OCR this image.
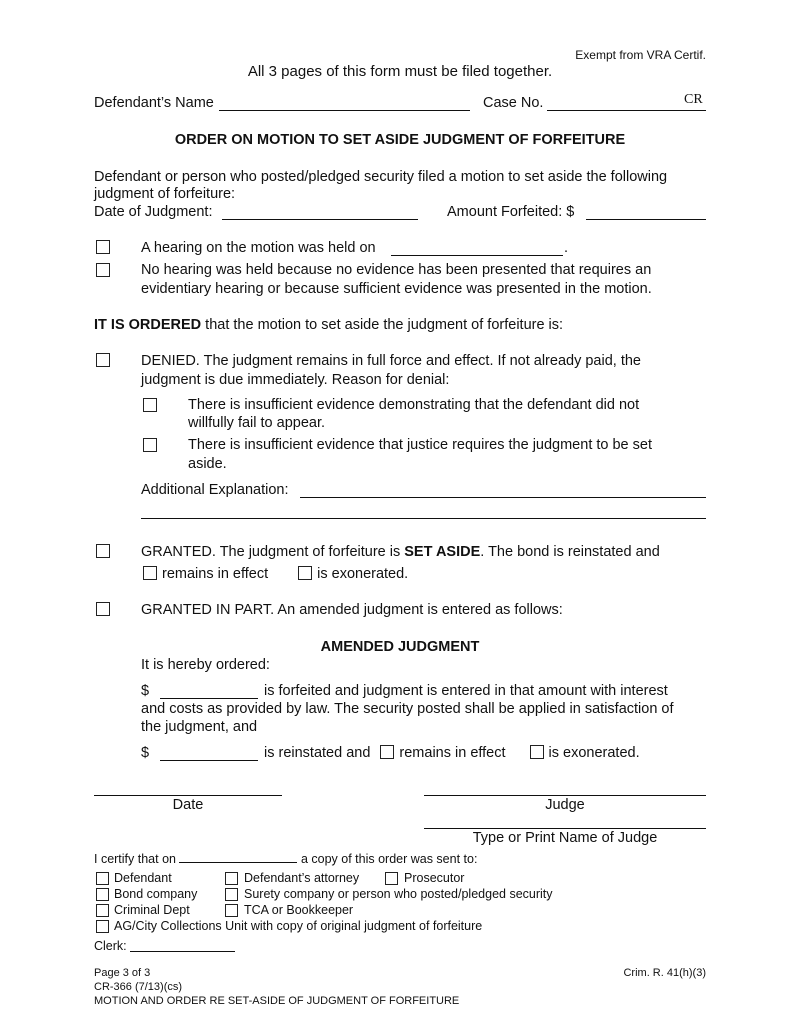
Exempt from VRA Certif.
All 3 pages of this form must be filed together.
Defendant’s Name	Case No.	CR
ORDER ON MOTION TO SET ASIDE JUDGMENT OF FORFEITURE
Defendant or person who posted/pledged security filed a motion to set aside the following
judgment of forfeiture:
Date of Judgment:	Amount Forfeited: $
A hearing on the motion was held on	.
No hearing was held because no evidence has been presented that requires an
evidentiary hearing or because sufficient evidence was presented in the motion.
IT IS ORDERED that the motion to set aside the judgment of forfeiture is:
DENIED. The judgment remains in full force and effect. If not already paid, the
judgment is due immediately. Reason for denial:
There is insufficient evidence demonstrating that the defendant did not
willfully fail to appear.
There is insufficient evidence that justice requires the judgment to be set
aside.
Additional Explanation:
GRANTED. The judgment of forfeiture is SET ASIDE. The bond is reinstated and
remains in effect	is exonerated.
GRANTED IN PART. An amended judgment is entered as follows:
AMENDED JUDGMENT
It is hereby ordered:
$	is forfeited and judgment is entered in that amount with interest
and costs as provided by law. The security posted shall be applied in satisfaction of
the judgment, and
$	is reinstated and remains in effect	is exonerated.
Date	Judge
Type or Print Name of Judge
I certify that on	a copy of this order was sent to:
Defendant	Defendant’s attorney	Prosecutor
Bond company	Surety company or person who posted/pledged security
Criminal Dept	TCA or Bookkeeper
AG/City Collections Unit with copy of original judgment of forfeiture
Clerk:
Page 3 of 3	Crim. R. 41(h)(3)
CR-366 (7/13)(cs)
MOTION AND ORDER RE SET-ASIDE OF JUDGMENT OF FORFEITURE
